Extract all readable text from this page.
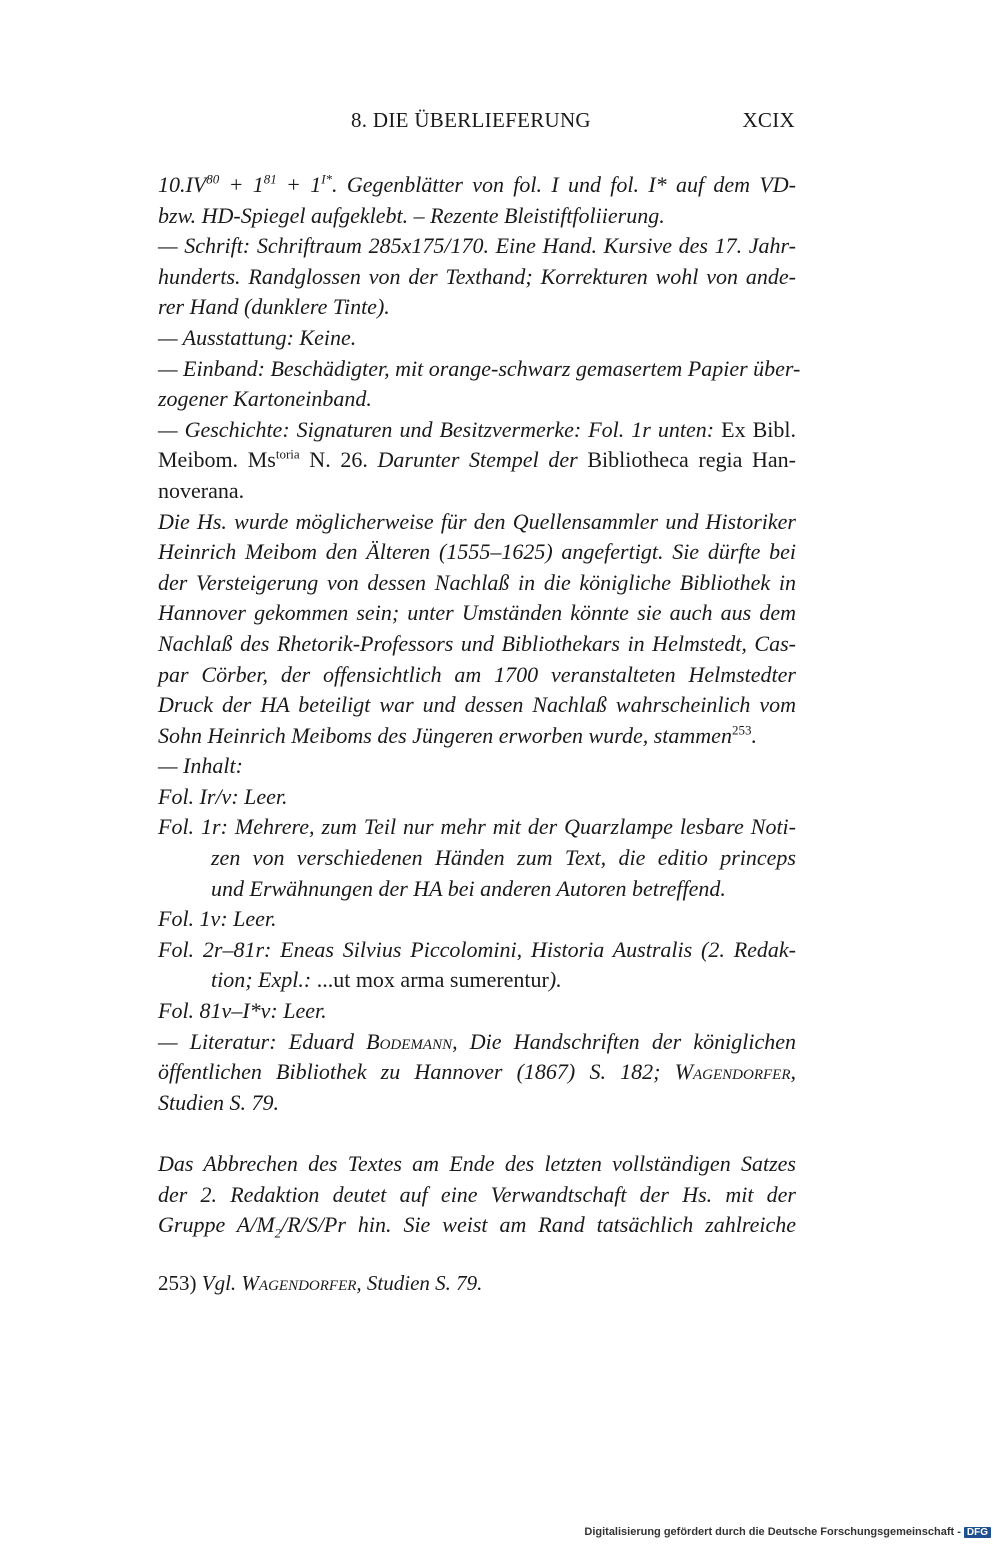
8. DIE ÜBERLIEFERUNG	XCIX
$10.IV^{80} + 1^{81} + 1^{I*}$. Gegenblätter von fol. I und fol. I* auf dem VD-
bzw. HD-Spiegel aufgeklebt. – Rezente Bleistiftfoliierung.
— Schrift: Schriftraum 285x175/170. Eine Hand. Kursive des 17. Jahr-
hunderts. Randglossen von der Texthand; Korrekturen wohl von ande-
rer Hand (dunklere Tinte).
— Ausstattung: Keine.
— Einband: Beschädigter, mit orange-schwarz gemasertem Papier über-
zogener Kartoneinband.
— Geschichte: Signaturen und Besitzvermerke: Fol. 1r unten: Ex Bibl.
Meibom. $Ms^{toria}$ N. 26. Darunter Stempel der Bibliotheca regia Han-
noverana.
Die Hs. wurde möglicherweise für den Quellensammler und Historiker
Heinrich Meibom den Älteren (1555–1625) angefertigt. Sie dürfte bei
der Versteigerung von dessen Nachlaß in die königliche Bibliothek in
Hannover gekommen sein; unter Umständen könnte sie auch aus dem
Nachlaß des Rhetorik-Professors und Bibliothekars in Helmstedt, Cas-
par Cörber, der offensichtlich am 1700 veranstalteten Helmstedter
Druck der HA beteiligt war und dessen Nachlaß wahrscheinlich vom
Sohn Heinrich Meiboms des Jüngeren erworben wurde, stammen$^{253}$.
— Inhalt:
Fol. Ir/v: Leer.
Fol. 1r: Mehrere, zum Teil nur mehr mit der Quarzlampe lesbare Noti-
zen von verschiedenen Händen zum Text, die editio princeps
und Erwähnungen der HA bei anderen Autoren betreffend.
Fol. 1v: Leer.
Fol. 2r–81r: Eneas Silvius Piccolomini, Historia Australis (2. Redak-
tion; Expl.: ...ut mox arma sumerentur).
Fol. 81v–I*v: Leer.
— Literatur: Eduard Bodemann, Die Handschriften der königlichen
öffentlichen Bibliothek zu Hannover (1867) S. 182; Wagendorfer,
Studien S. 79.
Das Abbrechen des Textes am Ende des letzten vollständigen Satzes
der 2. Redaktion deutet auf eine Verwandtschaft der Hs. mit der
Gruppe $A/M_2/R/S/Pr$ hin. Sie weist am Rand tatsächlich zahlreiche
253) Vgl. Wagendorfer, Studien S. 79.
Digitalisierung gefördert durch die Deutsche Forschungsgemeinschaft - DFG
